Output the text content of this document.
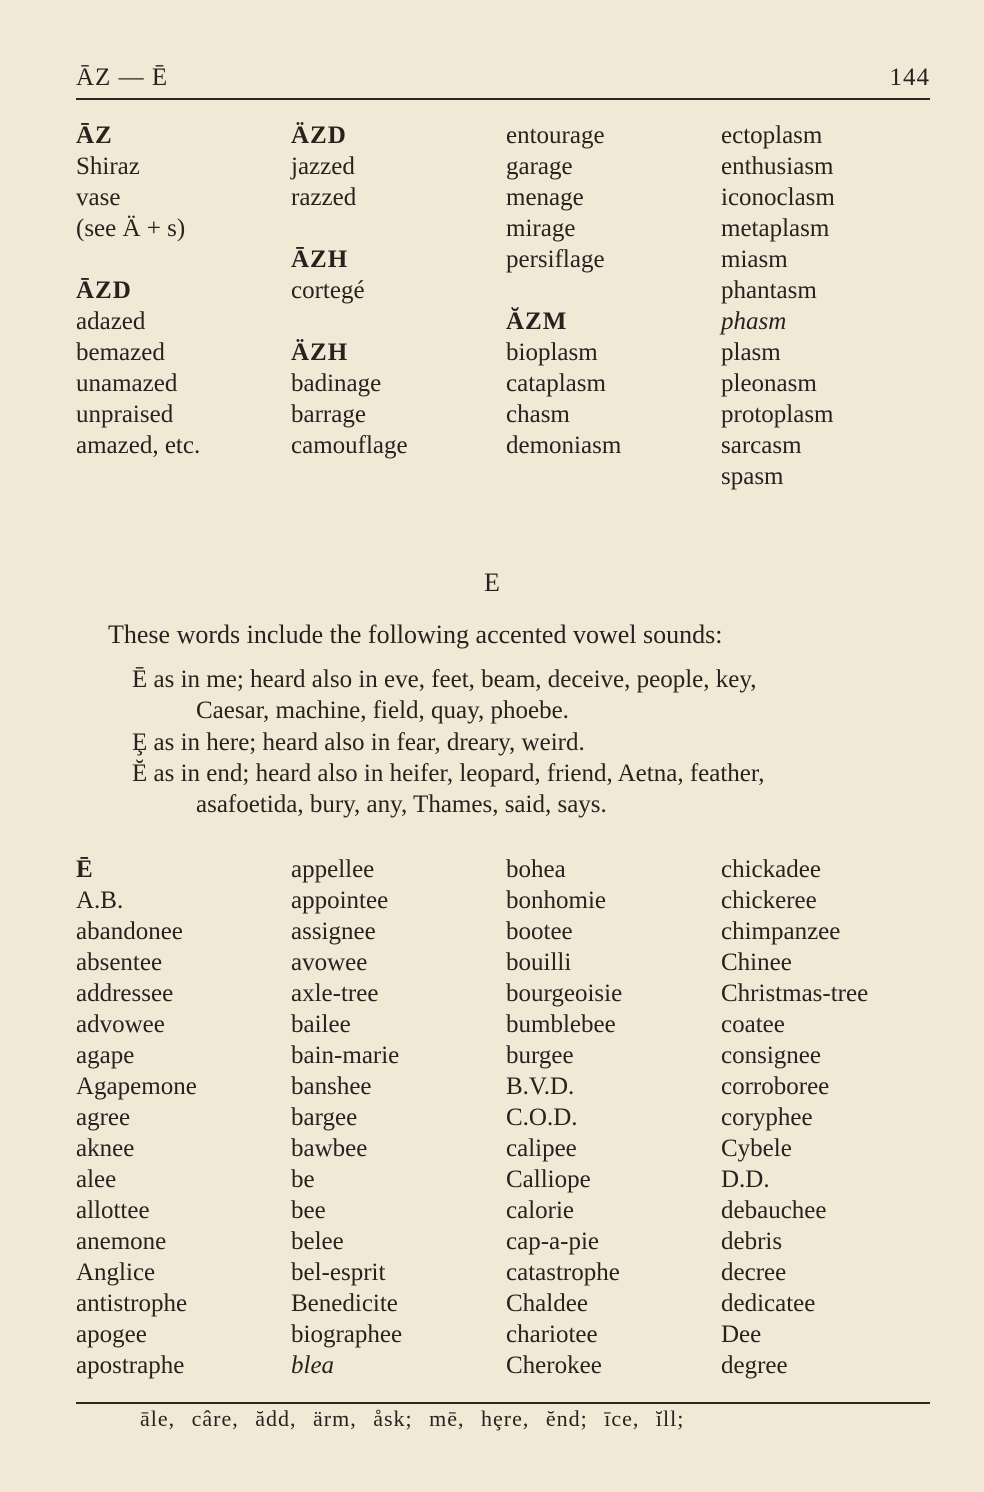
ĀZ — Ē	144
ĀZ
Shiraz
vase
(see Ä + s)
ĀZD
adazed
bemazed
unamazed
unpraised
amazed, etc.
ÄZD
jazzed
razzed
ĀZH
cortegé
ÄZH
badinage
barrage
camouflage
entourage
garage
menage
mirage
persiflage
ĂZM
bioplasm
cataplasm
chasm
demoniasm
ectoplasm
enthusiasm
iconoclasm
metaplasm
miasm
phantasm
phasm
plasm
pleonasm
protoplasm
sarcasm
spasm
E
These words include the following accented vowel sounds:
Ē as in me; heard also in eve, feet, beam, deceive, people, key,
Caesar, machine, field, quay, phoebe.
Ȩ as in here; heard also in fear, dreary, weird.
Ĕ as in end; heard also in heifer, leopard, friend, Aetna, feather,
asafoetida, bury, any, Thames, said, says.
Ē
A.B.
abandonee
absentee
addressee
advowee
agape
Agapemone
agree
aknee
alee
allottee
anemone
Anglice
antistrophe
apogee
apostraphe
appellee
appointee
assignee
avowee
axle-tree
bailee
bain-marie
banshee
bargee
bawbee
be
bee
belee
bel-esprit
Benedicite
biographee
blea
bohea
bonhomie
bootee
bouilli
bourgeoisie
bumblebee
burgee
B.V.D.
C.O.D.
calipee
Calliope
calorie
cap-a-pie
catastrophe
Chaldee
chariotee
Cherokee
chickadee
chickeree
chimpanzee
Chinee
Christmas-tree
coatee
consignee
corroboree
coryphee
Cybele
D.D.
debauchee
debris
decree
dedicatee
Dee
degree
āle, câre, ădd, ärm, åsk; mē, hȩre, ĕnd; īce, ĭll;
